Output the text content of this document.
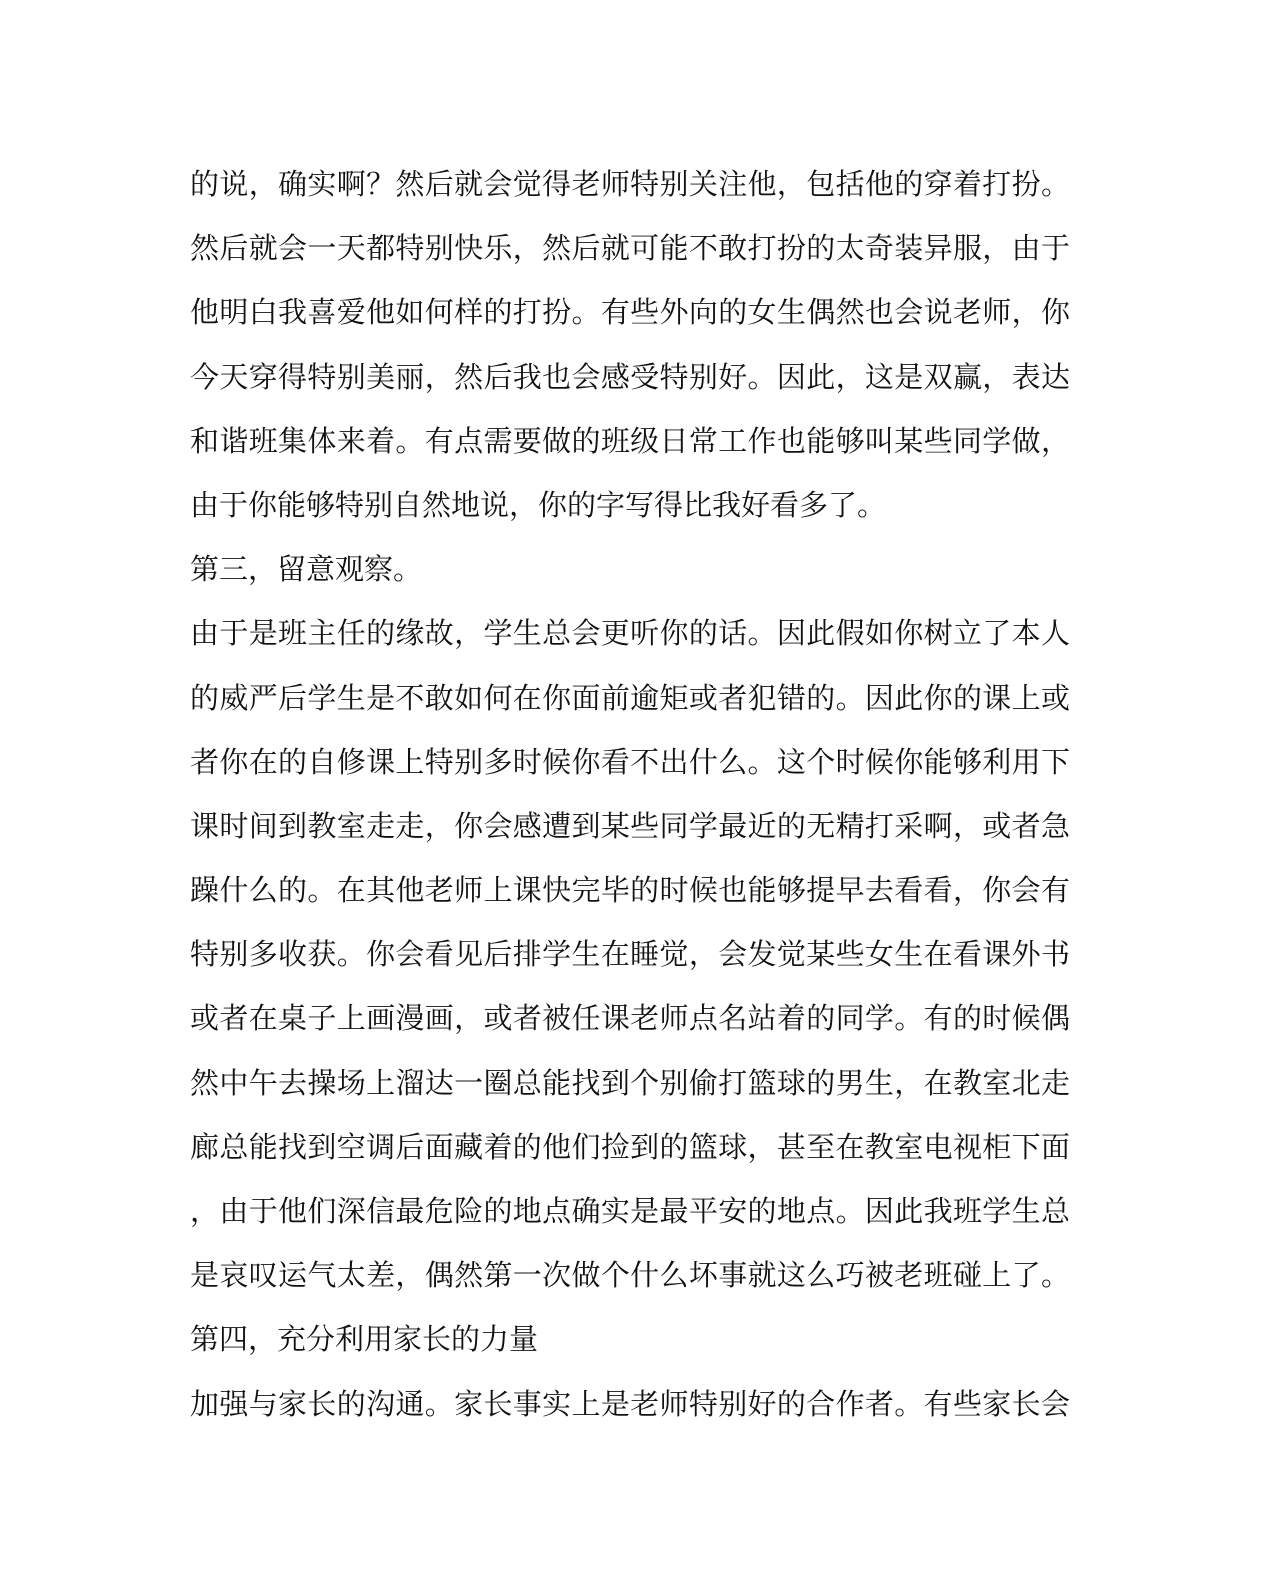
的说，确实啊？然后就会觉得老师特别关注他，包括他的穿着打扮。
然后就会一天都特别快乐，然后就可能不敢打扮的太奇装异服，由于
他明白我喜爱他如何样的打扮。有些外向的女生偶然也会说老师，你
今天穿得特别美丽，然后我也会感受特别好。因此，这是双赢，表达
和谐班集体来着。有点需要做的班级日常工作也能够叫某些同学做，
由于你能够特别自然地说，你的字写得比我好看多了。
第三，留意观察。
由于是班主任的缘故，学生总会更听你的话。因此假如你树立了本人
的威严后学生是不敢如何在你面前逾矩或者犯错的。因此你的课上或
者你在的自修课上特别多时候你看不出什么。这个时候你能够利用下
课时间到教室走走，你会感遭到某些同学最近的无精打采啊，或者急
躁什么的。在其他老师上课快完毕的时候也能够提早去看看，你会有
特别多收获。你会看见后排学生在睡觉，会发觉某些女生在看课外书
或者在桌子上画漫画，或者被任课老师点名站着的同学。有的时候偶
然中午去操场上溜达一圈总能找到个别偷打篮球的男生，在教室北走
廊总能找到空调后面藏着的他们捡到的篮球，甚至在教室电视柜下面
，由于他们深信最危险的地点确实是最平安的地点。因此我班学生总
是哀叹运气太差，偶然第一次做个什么坏事就这么巧被老班碰上了。
第四，充分利用家长的力量
加强与家长的沟通。家长事实上是老师特别好的合作者。有些家长会
